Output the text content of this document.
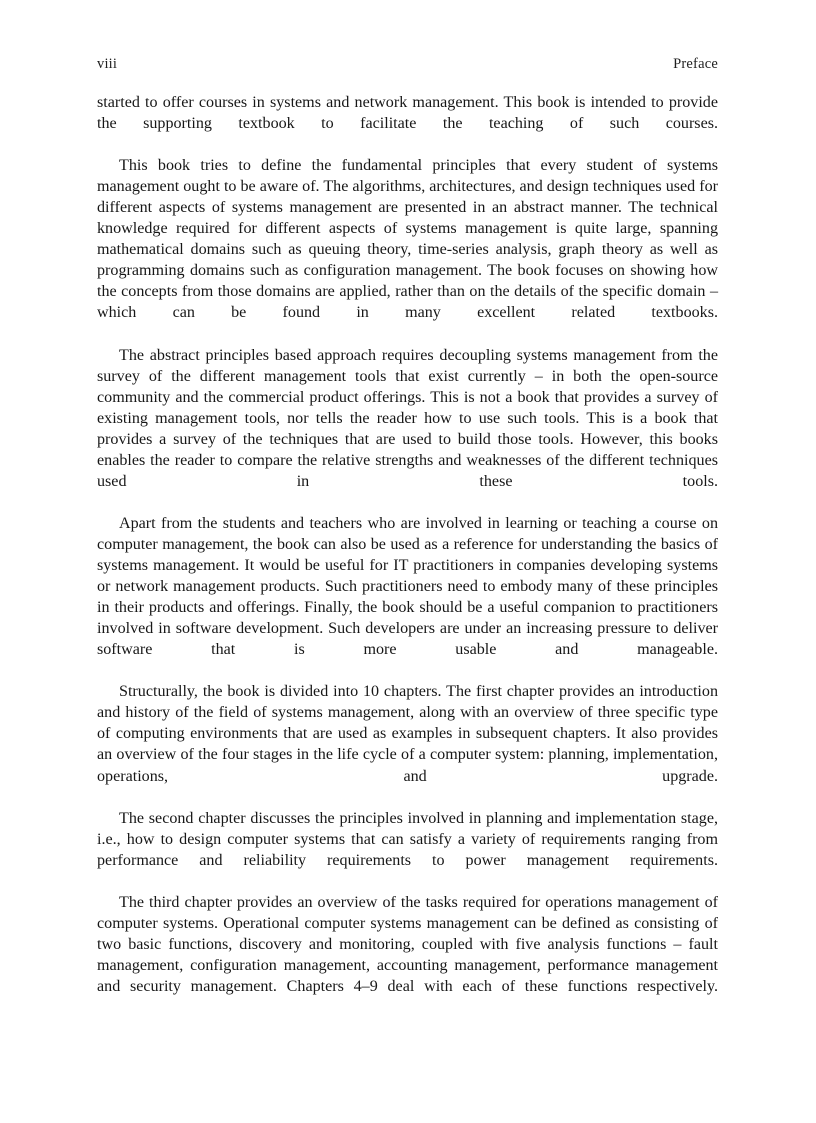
viii	Preface

started to offer courses in systems and network management. This book is intended to provide the supporting textbook to facilitate the teaching of such courses.

This book tries to define the fundamental principles that every student of systems management ought to be aware of. The algorithms, architectures, and design techniques used for different aspects of systems management are presented in an abstract manner. The technical knowledge required for different aspects of systems management is quite large, spanning mathematical domains such as queuing theory, time-series analysis, graph theory as well as programming domains such as configuration management. The book focuses on showing how the concepts from those domains are applied, rather than on the details of the specific domain – which can be found in many excellent related textbooks.

The abstract principles based approach requires decoupling systems management from the survey of the different management tools that exist currently – in both the open-source community and the commercial product offerings. This is not a book that provides a survey of existing management tools, nor tells the reader how to use such tools. This is a book that provides a survey of the techniques that are used to build those tools. However, this books enables the reader to compare the relative strengths and weaknesses of the different techniques used in these tools.

Apart from the students and teachers who are involved in learning or teaching a course on computer management, the book can also be used as a reference for understanding the basics of systems management. It would be useful for IT practitioners in companies developing systems or network management products. Such practitioners need to embody many of these principles in their products and offerings. Finally, the book should be a useful companion to practitioners involved in software development. Such developers are under an increasing pressure to deliver software that is more usable and manageable.

Structurally, the book is divided into 10 chapters. The first chapter provides an introduction and history of the field of systems management, along with an overview of three specific type of computing environments that are used as examples in subsequent chapters. It also provides an overview of the four stages in the life cycle of a computer system: planning, implementation, operations, and upgrade.

The second chapter discusses the principles involved in planning and implementation stage, i.e., how to design computer systems that can satisfy a variety of requirements ranging from performance and reliability requirements to power management requirements.

The third chapter provides an overview of the tasks required for operations management of computer systems. Operational computer systems management can be defined as consisting of two basic functions, discovery and monitoring, coupled with five analysis functions – fault management, configuration management, accounting management, performance management and security management. Chapters 4–9 deal with each of these functions respectively.
